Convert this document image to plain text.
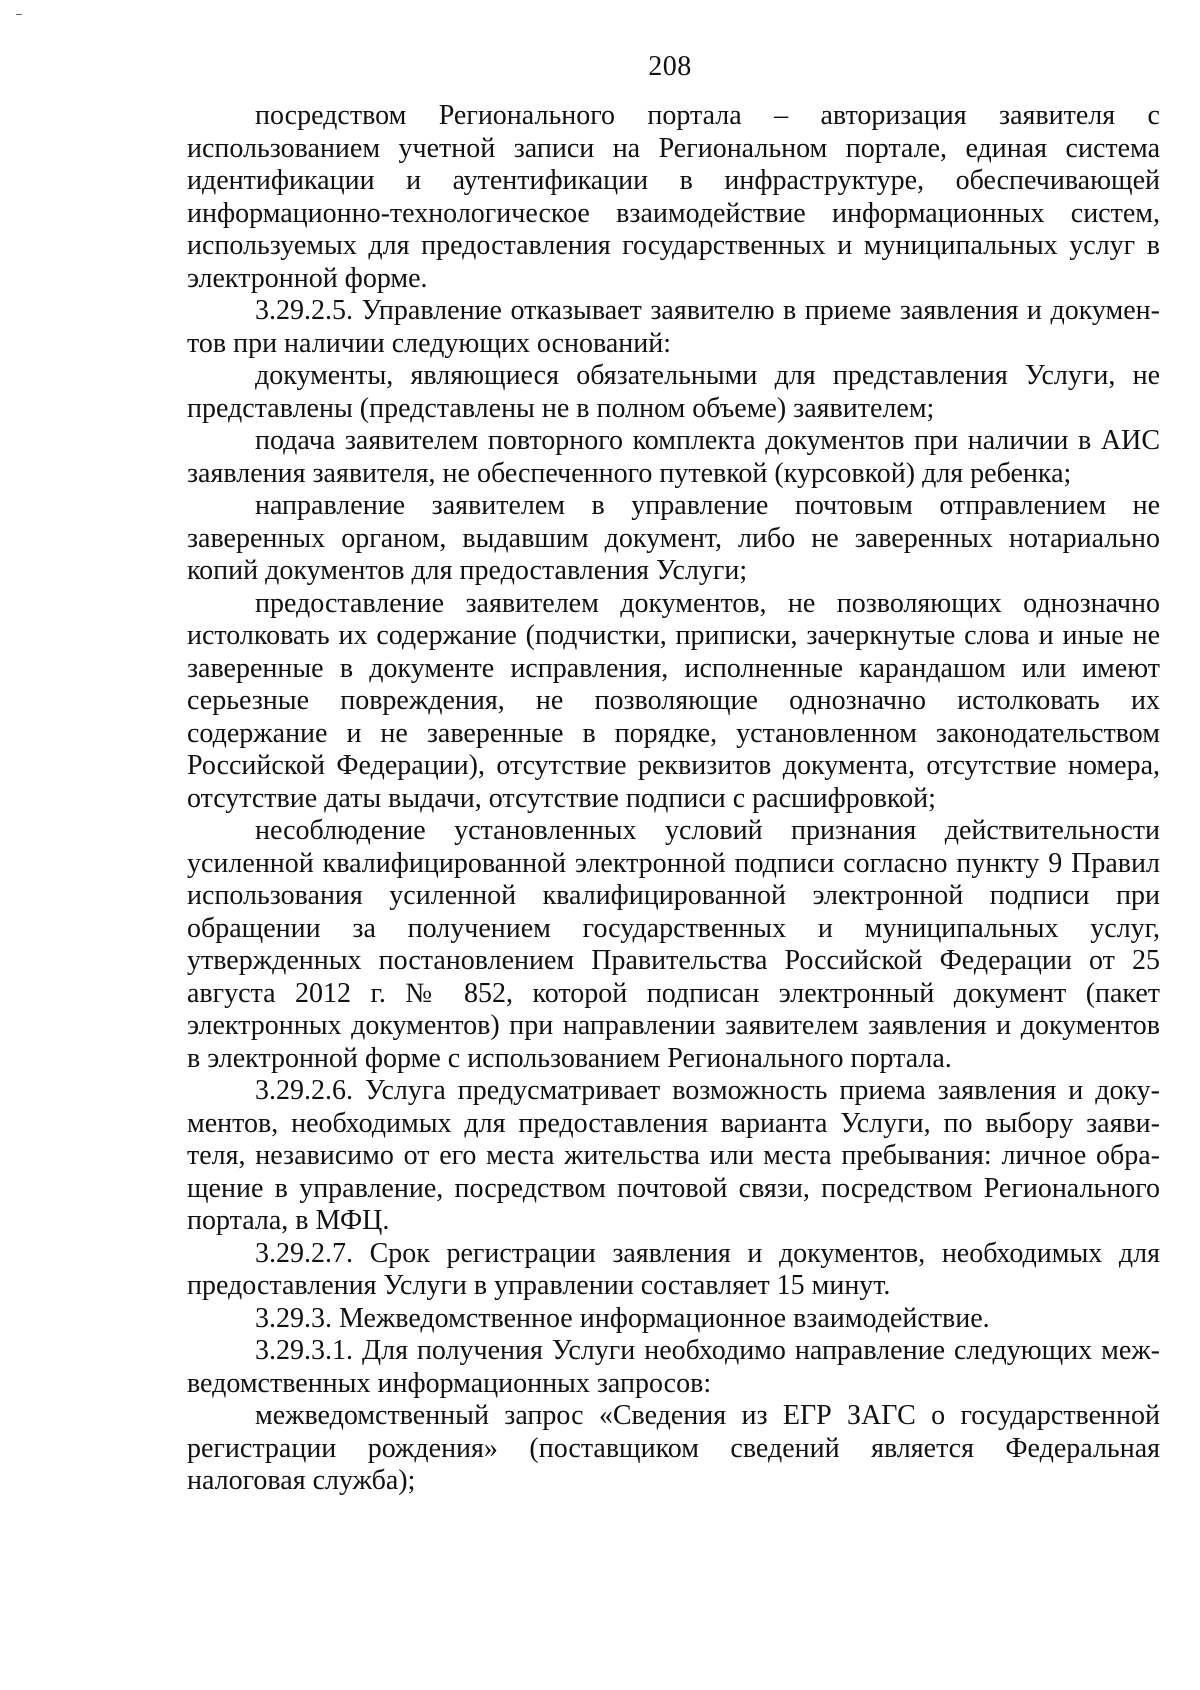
208

посредством Регионального портала – авторизация заявителя с использованием учетной записи на Региональном портале, единая система идентификации и аутентификации в инфраструктуре, обеспечивающей информационно-технологическое взаимодействие информационных систем, используемых для предоставления государственных и муниципальных услуг в электронной форме.

3.29.2.5. Управление отказывает заявителю в приеме заявления и документов при наличии следующих оснований:

документы, являющиеся обязательными для представления Услуги, не представлены (представлены не в полном объеме) заявителем;

подача заявителем повторного комплекта документов при наличии в АИС заявления заявителя, не обеспеченного путевкой (курсовкой) для ребенка;

направление заявителем в управление почтовым отправлением не заверенных органом, выдавшим документ, либо не заверенных нотариально копий документов для предоставления Услуги;

предоставление заявителем документов, не позволяющих однозначно истолковать их содержание (подчистки, приписки, зачеркнутые слова и иные не заверенные в документе исправления, исполненные карандашом или имеют серьезные повреждения, не позволяющие однозначно истолковать их содержание и не заверенные в порядке, установленном законодательством Российской Федерации), отсутствие реквизитов документа, отсутствие номера, отсутствие даты выдачи, отсутствие подписи с расшифровкой;

несоблюдение установленных условий признания действительности усиленной квалифицированной электронной подписи согласно пункту 9 Правил использования усиленной квалифицированной электронной подписи при обращении за получением государственных и муниципальных услуг, утвержденных постановлением Правительства Российской Федерации от 25 августа 2012 г. № 852, которой подписан электронный документ (пакет электронных документов) при направлении заявителем заявления и документов в электронной форме с использованием Регионального портала.

3.29.2.6. Услуга предусматривает возможность приема заявления и документов, необходимых для предоставления варианта Услуги, по выбору заявителя, независимо от его места жительства или места пребывания: личное обращение в управление, посредством почтовой связи, посредством Регионального портала, в МФЦ.

3.29.2.7. Срок регистрации заявления и документов, необходимых для предоставления Услуги в управлении составляет 15 минут.

3.29.3. Межведомственное информационное взаимодействие.

3.29.3.1. Для получения Услуги необходимо направление следующих межведомственных информационных запросов:

межведомственный запрос «Сведения из ЕГР ЗАГС о государственной регистрации рождения» (поставщиком сведений является Федеральная налоговая служба);
